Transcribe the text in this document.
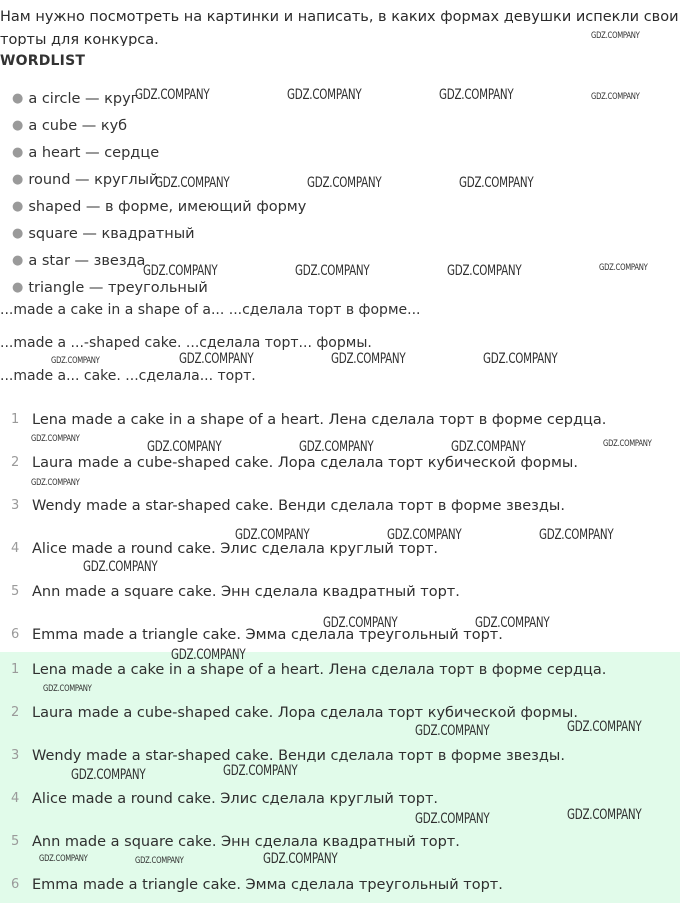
Нам нужно посмотреть на картинки и написать, в каких формах девушки испекли свои торты для конкурса.
WORDLIST
● a circle — круг
● a cube — куб
● a heart — сердце
● round — круглый
● shaped — в форме, имеющий форму
● square — квадратный
● a star — звезда
● triangle — треугольный
...made a cake in a shape of a... ...сделала торт в форме...
...made a ...-shaped cake. ...сделала торт... формы.
...made a... cake. ...сделала... торт.
1 Lena made a cake in a shape of a heart. Лена сделала торт в форме сердца.
2 Laura made a cube-shaped cake. Лора сделала торт кубической формы.
3 Wendy made a star-shaped cake. Венди сделала торт в форме звезды.
4 Alice made a round cake. Элис сделала круглый торт.
5 Ann made a square cake. Энн сделала квадратный торт.
6 Emma made a triangle cake. Эмма сделала треугольный торт.
1 Lena made a cake in a shape of a heart. Лена сделала торт в форме сердца.
2 Laura made a cube-shaped cake. Лора сделала торт кубической формы.
3 Wendy made a star-shaped cake. Венди сделала торт в форме звезды.
4 Alice made a round cake. Элис сделала круглый торт.
5 Ann made a square cake. Энн сделала квадратный торт.
6 Emma made a triangle cake. Эмма сделала треугольный торт.
GDZ.COMPANY
GDZ.COMPANY	GDZ.COMPANY	GDZ.COMPANY	GDZ.COMPANY
GDZ.COMPANY	GDZ.COMPANY	GDZ.COMPANY
GDZ.COMPANY	GDZ.COMPANY	GDZ.COMPANY	GDZ.COMPANY
GDZ.COMPANY	GDZ.COMPANY	GDZ.COMPANY	GDZ.COMPANY
GDZ.COMPANY	GDZ.COMPANY	GDZ.COMPANY	GDZ.COMPANY	GDZ.COMPANY
GDZ.COMPANY
GDZ.COMPANY	GDZ.COMPANY	GDZ.COMPANY
GDZ.COMPANY
GDZ.COMPANY	GDZ.COMPANY
GDZ.COMPANY
GDZ.COMPANY
GDZ.COMPANY
GDZ.COMPANY
GDZ.COMPANY
GDZ.COMPANY
GDZ.COMPANY
GDZ.COMPANY
GDZ.COMPANY	GDZ.COMPANY	GDZ.COMPANY
